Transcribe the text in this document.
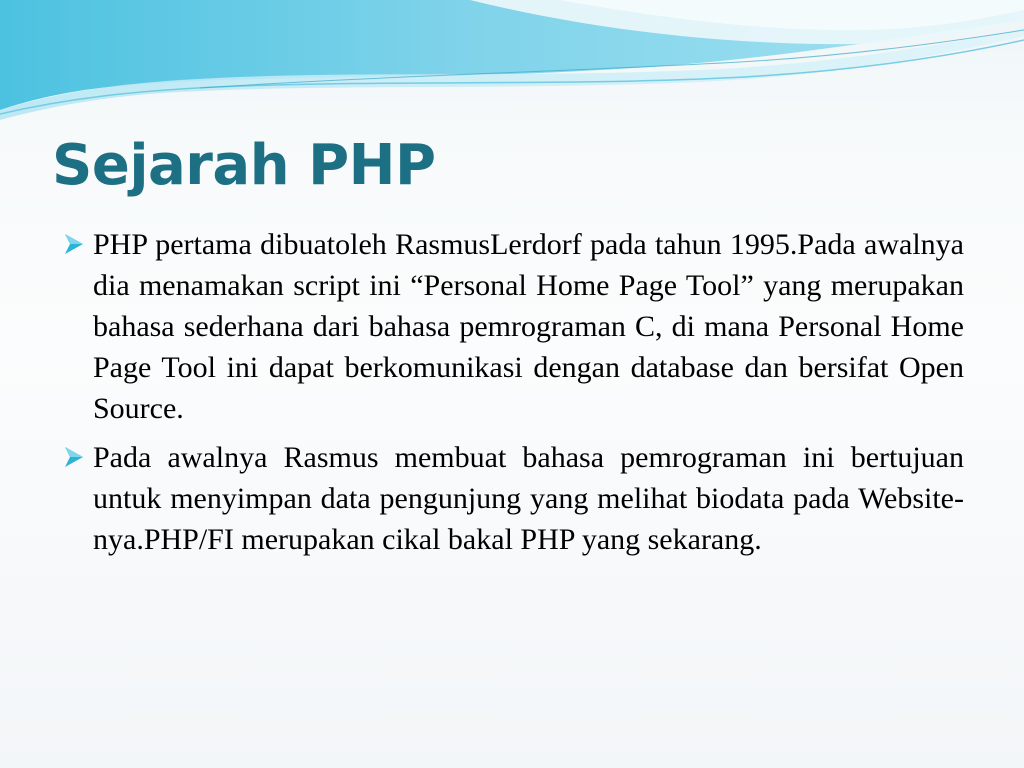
Sejarah PHP
PHP pertama dibuatoleh RasmusLerdorf pada tahun 1995.Pada awalnya dia menamakan script ini “Personal Home Page Tool” yang merupakan bahasa sederhana dari bahasa pemrograman C, di mana Personal Home Page Tool ini dapat berkomunikasi dengan database dan bersifat Open Source.
Pada awalnya Rasmus membuat bahasa pemrograman ini bertujuan untuk menyimpan data pengunjung yang melihat biodata pada Website-nya.PHP/FI merupakan cikal bakal PHP yang sekarang.
